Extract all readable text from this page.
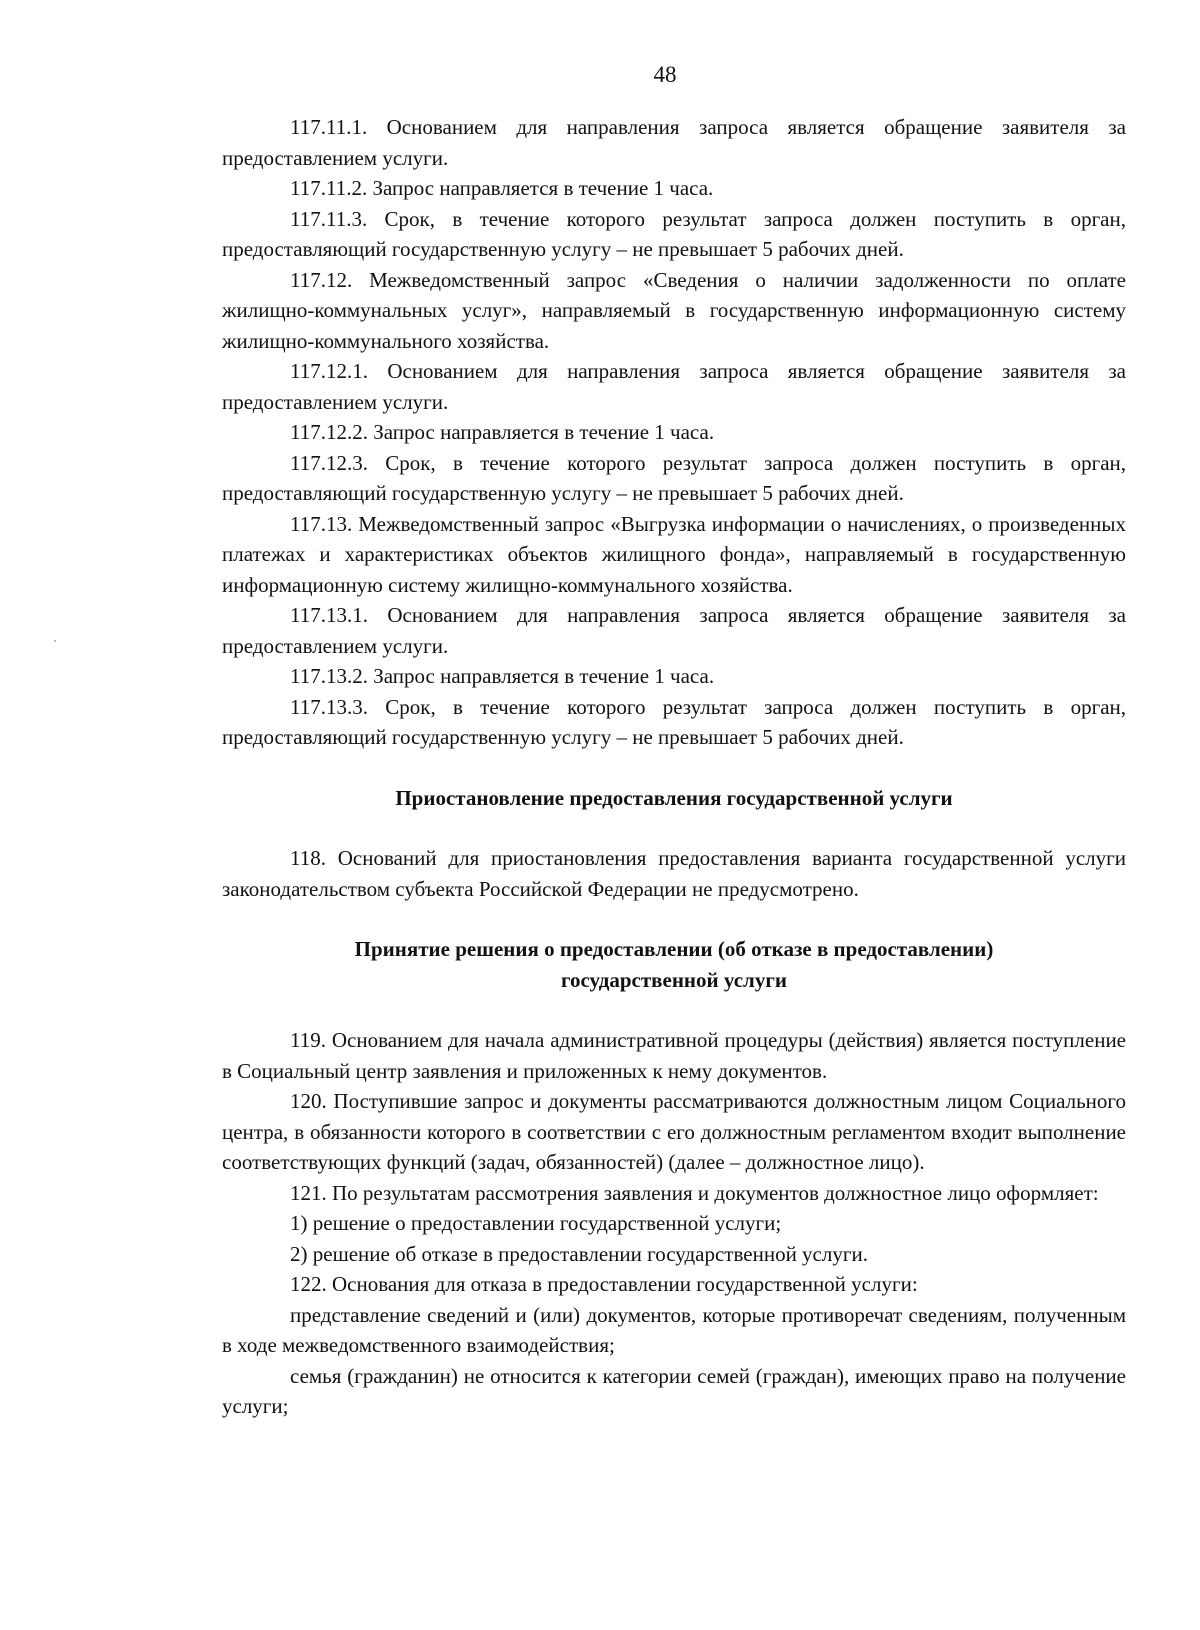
48

117.11.1. Основанием для направления запроса является обращение заявителя за предоставлением услуги.

117.11.2. Запрос направляется в течение 1 часа.

117.11.3. Срок, в течение которого результат запроса должен поступить в орган, предоставляющий государственную услугу – не превышает 5 рабочих дней.

117.12. Межведомственный запрос «Сведения о наличии задолженности по оплате жилищно-коммунальных услуг», направляемый в государственную информационную систему жилищно-коммунального хозяйства.

117.12.1. Основанием для направления запроса является обращение заявителя за предоставлением услуги.

117.12.2. Запрос направляется в течение 1 часа.

117.12.3. Срок, в течение которого результат запроса должен поступить в орган, предоставляющий государственную услугу – не превышает 5 рабочих дней.

117.13. Межведомственный запрос «Выгрузка информации о начислениях, о произведенных платежах и характеристиках объектов жилищного фонда», направляемый в государственную информационную систему жилищно-коммунального хозяйства.

117.13.1. Основанием для направления запроса является обращение заявителя за предоставлением услуги.

117.13.2. Запрос направляется в течение 1 часа.

117.13.3. Срок, в течение которого результат запроса должен поступить в орган, предоставляющий государственную услугу – не превышает 5 рабочих дней.

Приостановление предоставления государственной услуги

118. Оснований для приостановления предоставления варианта государственной услуги законодательством субъекта Российской Федерации не предусмотрено.

Принятие решения о предоставлении (об отказе в предоставлении)

государственной услуги

119. Основанием для начала административной процедуры (действия) является поступление в Социальный центр заявления и приложенных к нему документов.

120. Поступившие запрос и документы рассматриваются должностным лицом Социального центра, в обязанности которого в соответствии с его должностным регламентом входит выполнение соответствующих функций (задач, обязанностей) (далее – должностное лицо).

121. По результатам рассмотрения заявления и документов должностное лицо оформляет:

1) решение о предоставлении государственной услуги;

2) решение об отказе в предоставлении государственной услуги.

122. Основания для отказа в предоставлении государственной услуги:

представление сведений и (или) документов, которые противоречат сведениям, полученным в ходе межведомственного взаимодействия;

семья (гражданин) не относится к категории семей (граждан), имеющих право на получение услуги;
